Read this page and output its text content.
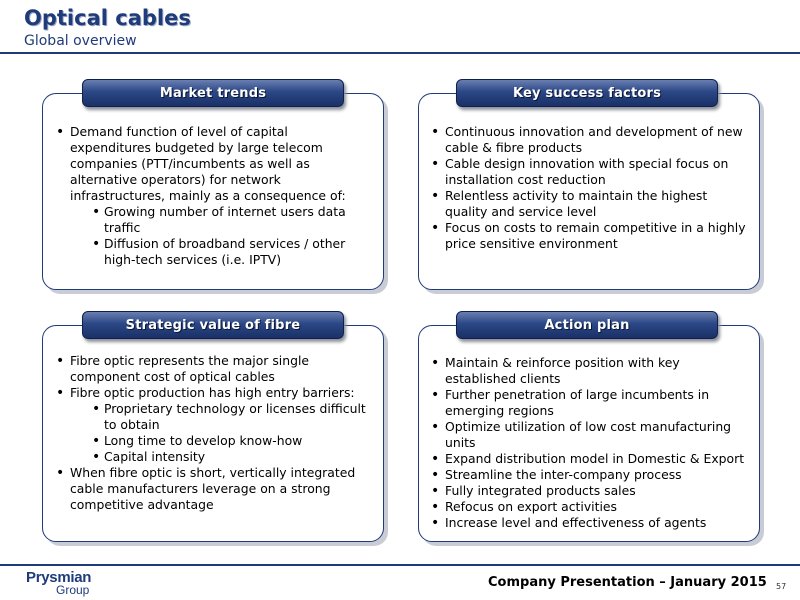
Optical cables
Global overview
Market trends
• Demand function of level of capital expenditures budgeted by large telecom companies (PTT/incumbents as well as alternative operators) for network infrastructures, mainly as a consequence of:
• Growing number of internet users data traffic
• Diffusion of broadband services / other high-tech services (i.e. IPTV)
Key success factors
• Continuous innovation and development of new cable & fibre products
• Cable design innovation with special focus on installation cost reduction
• Relentless activity to maintain the highest quality and service level
• Focus on costs to remain competitive in a highly price sensitive environment
Strategic value of fibre
• Fibre optic represents the major single component cost of optical cables
• Fibre optic production has high entry barriers:
• Proprietary technology or licenses difficult to obtain
• Long time to develop know-how
• Capital intensity
• When fibre optic is short, vertically integrated cable manufacturers leverage on a strong competitive advantage
Action plan
• Maintain & reinforce position with key established clients
• Further penetration of large incumbents in emerging regions
• Optimize utilization of low cost manufacturing units
• Expand distribution model in Domestic & Export
• Streamline the inter-company process
• Fully integrated products sales
• Refocus on export activities
• Increase level and effectiveness of agents
Prysmian
Group	Company Presentation – January 2015 57
